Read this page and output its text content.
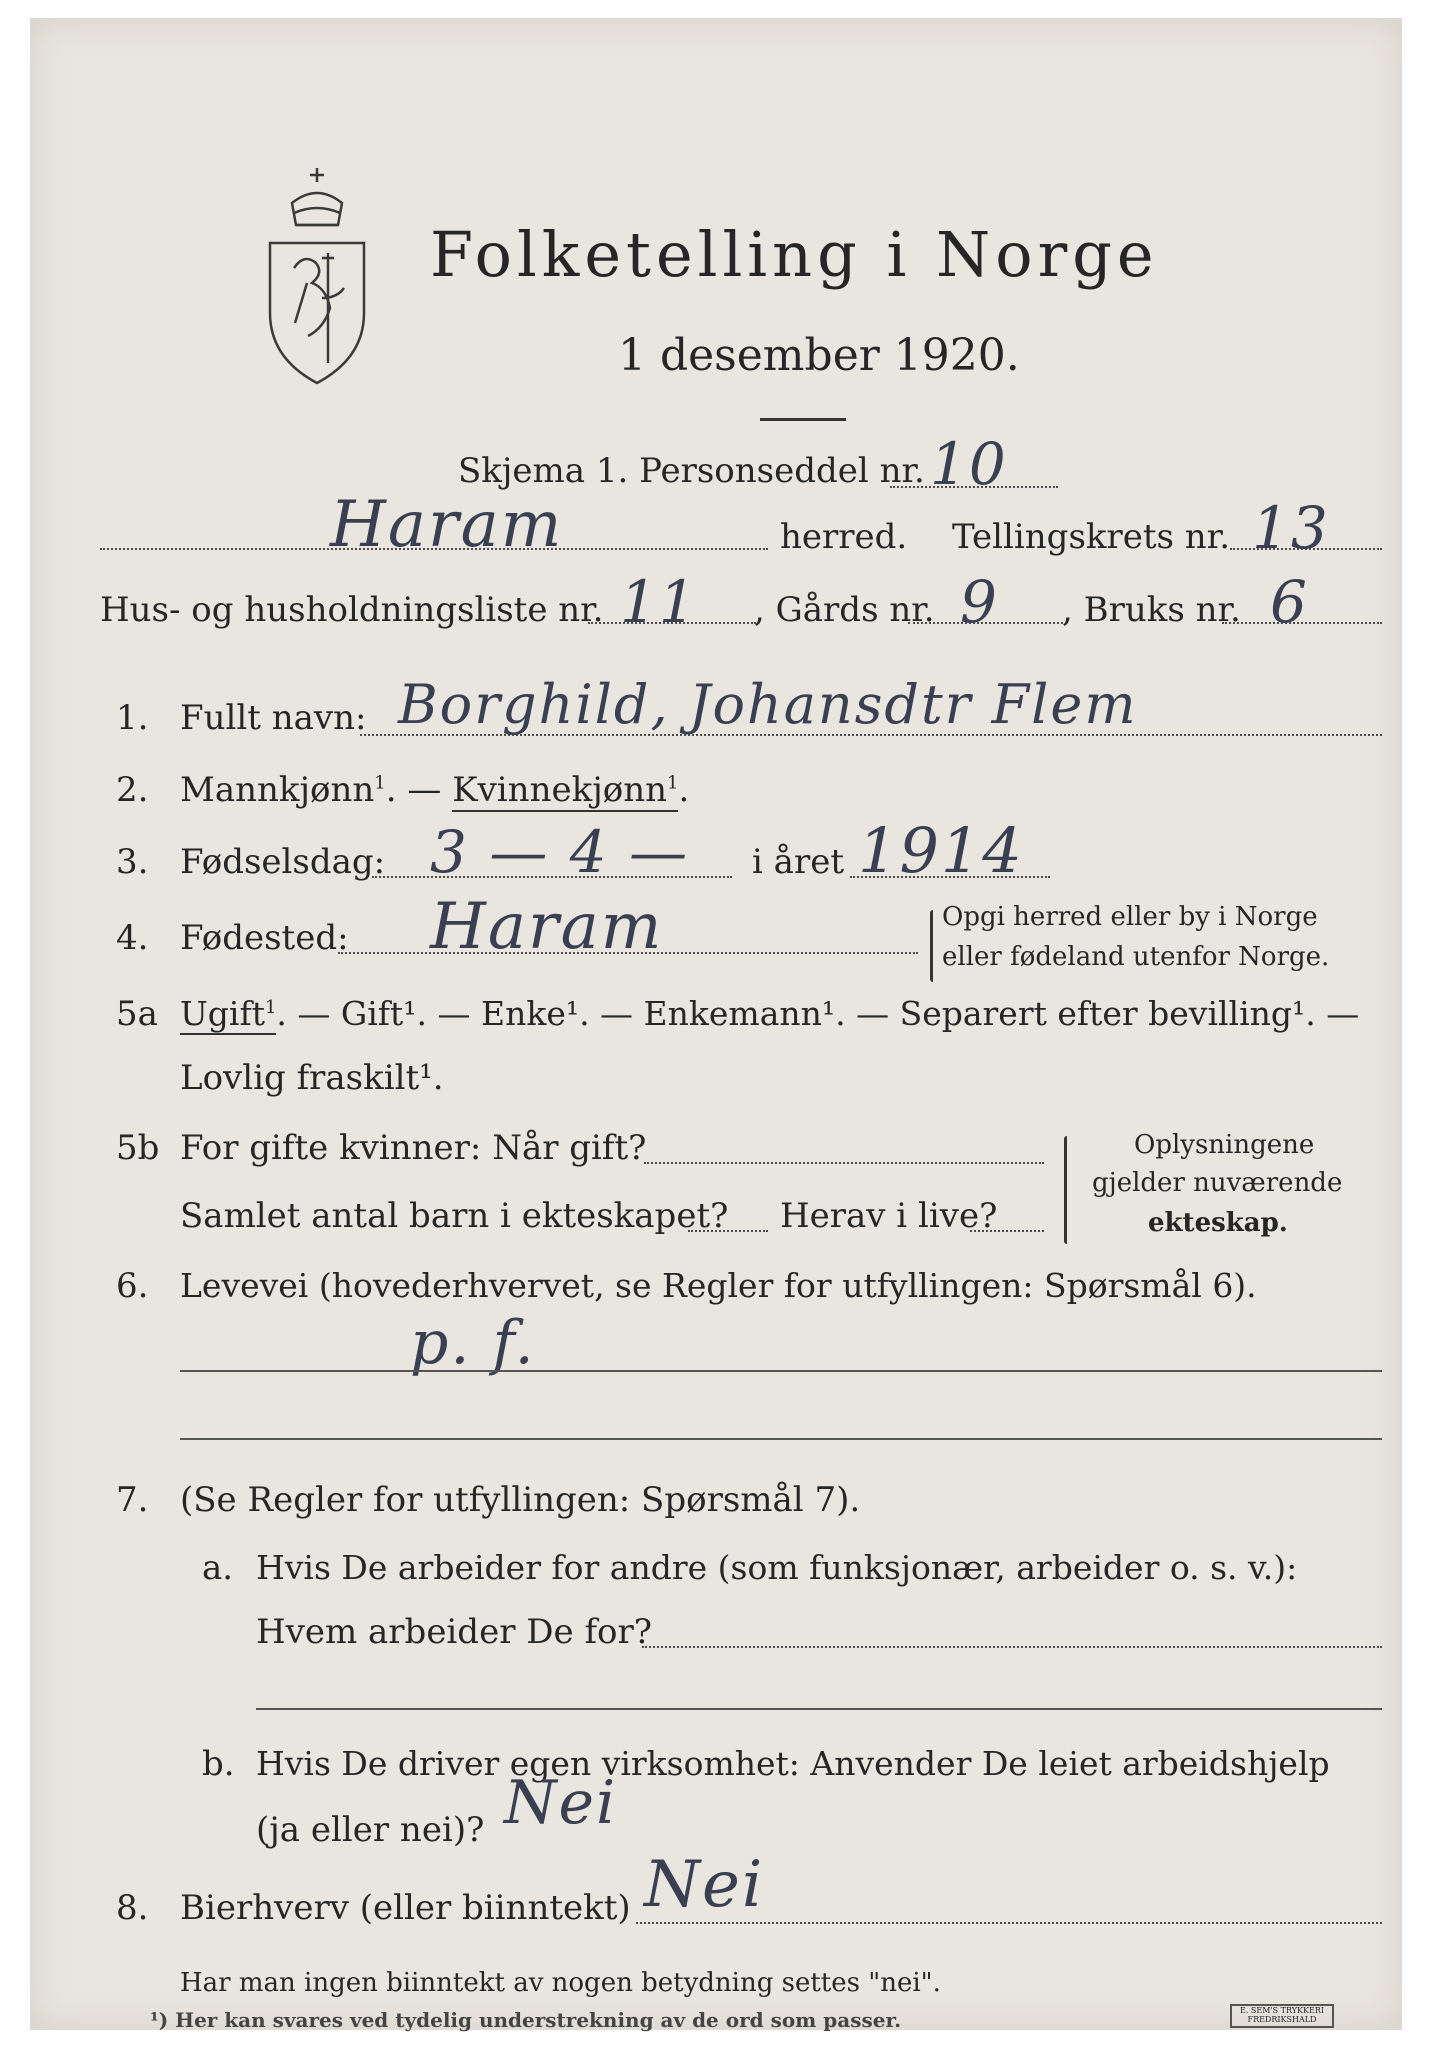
Folketelling i Norge
1 desember 1920.
Skjema 1. Personseddel nr. 10
Haram	herred. Tellingskrets nr. 13
Hus- og husholdningsliste nr. 11 , Gårds nr. 9 , Bruks nr. 6
1. Fullt navn: Borghild, Johansdtr Flem
2. Mannkjønn$^1$. — Kvinnekjønn$^1$.
3. Fødselsdag: 3 — 4 — i året 1914
4. Fødested: Haram	Opgi herred eller by i Norge
eller fødeland utenfor Norge.
5a Ugift$^1$. — Gift¹. — Enke¹. — Enkemann¹. — Separert efter bevilling¹. —
Lovlig fraskilt¹.
5b For gifte kvinner: Når gift?
Samlet antal barn i ekteskapet? Herav i live?
Oplysningene
gjelder nuværende
ekteskap.
6. Levevei (hovederhvervet, se Regler for utfyllingen: Spørsmål 6).
p. f.
7. (Se Regler for utfyllingen: Spørsmål 7).
a. Hvis De arbeider for andre (som funksjonær, arbeider o. s. v.):
Hvem arbeider De for?
b. Hvis De driver egen virksomhet: Anvender De leiet arbeidshjelp
(ja eller nei)? Nei
8. Bierhverv (eller biinntekt) Nei
Har man ingen biinntekt av nogen betydning settes "nei".
¹) Her kan svares ved tydelig understrekning av de ord som passer.	E. SEM'S TRYKKERI
FREDRIKSHALD
